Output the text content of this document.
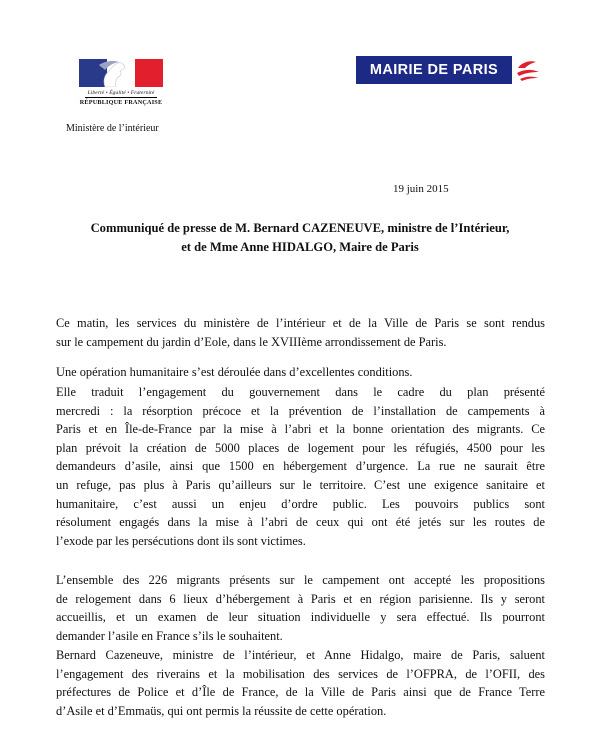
Liberté • Égalité • Fraternité
RÉPUBLIQUE FRANÇAISE
MAIRIE DE PARIS
Ministère de l’intérieur
19 juin 2015
Communiqué de presse de M. Bernard CAZENEUVE, ministre de l’Intérieur,
et de Mme Anne HIDALGO, Maire de Paris
Ce matin, les services du ministère de l’intérieur et de la Ville de Paris se sont rendus
sur le campement du jardin d’Eole, dans le XVIIIème arrondissement de Paris.
Une opération humanitaire s’est déroulée dans d’excellentes conditions.
Elle traduit l’engagement du gouvernement dans le cadre du plan présenté
mercredi : la résorption précoce et la prévention de l’installation de campements à
Paris et en Île-de-France par la mise à l’abri et la bonne orientation des migrants. Ce
plan prévoit la création de 5000 places de logement pour les réfugiés, 4500 pour les
demandeurs d’asile, ainsi que 1500 en hébergement d’urgence. La rue ne saurait être
un refuge, pas plus à Paris qu’ailleurs sur le territoire. C’est une exigence sanitaire et
humanitaire, c’est aussi un enjeu d’ordre public. Les pouvoirs publics sont
résolument engagés dans la mise à l’abri de ceux qui ont été jetés sur les routes de
l’exode par les persécutions dont ils sont victimes.
L’ensemble des 226 migrants présents sur le campement ont accepté les propositions
de relogement dans 6 lieux d’hébergement à Paris et en région parisienne. Ils y seront
accueillis, et un examen de leur situation individuelle y sera effectué. Ils pourront
demander l’asile en France s’ils le souhaitent.
Bernard Cazeneuve, ministre de l’intérieur, et Anne Hidalgo, maire de Paris, saluent
l’engagement des riverains et la mobilisation des services de l’OFPRA, de l’OFII, des
préfectures de Police et d’Île de France, de la Ville de Paris ainsi que de France Terre
d’Asile et d’Emmaüs, qui ont permis la réussite de cette opération.
